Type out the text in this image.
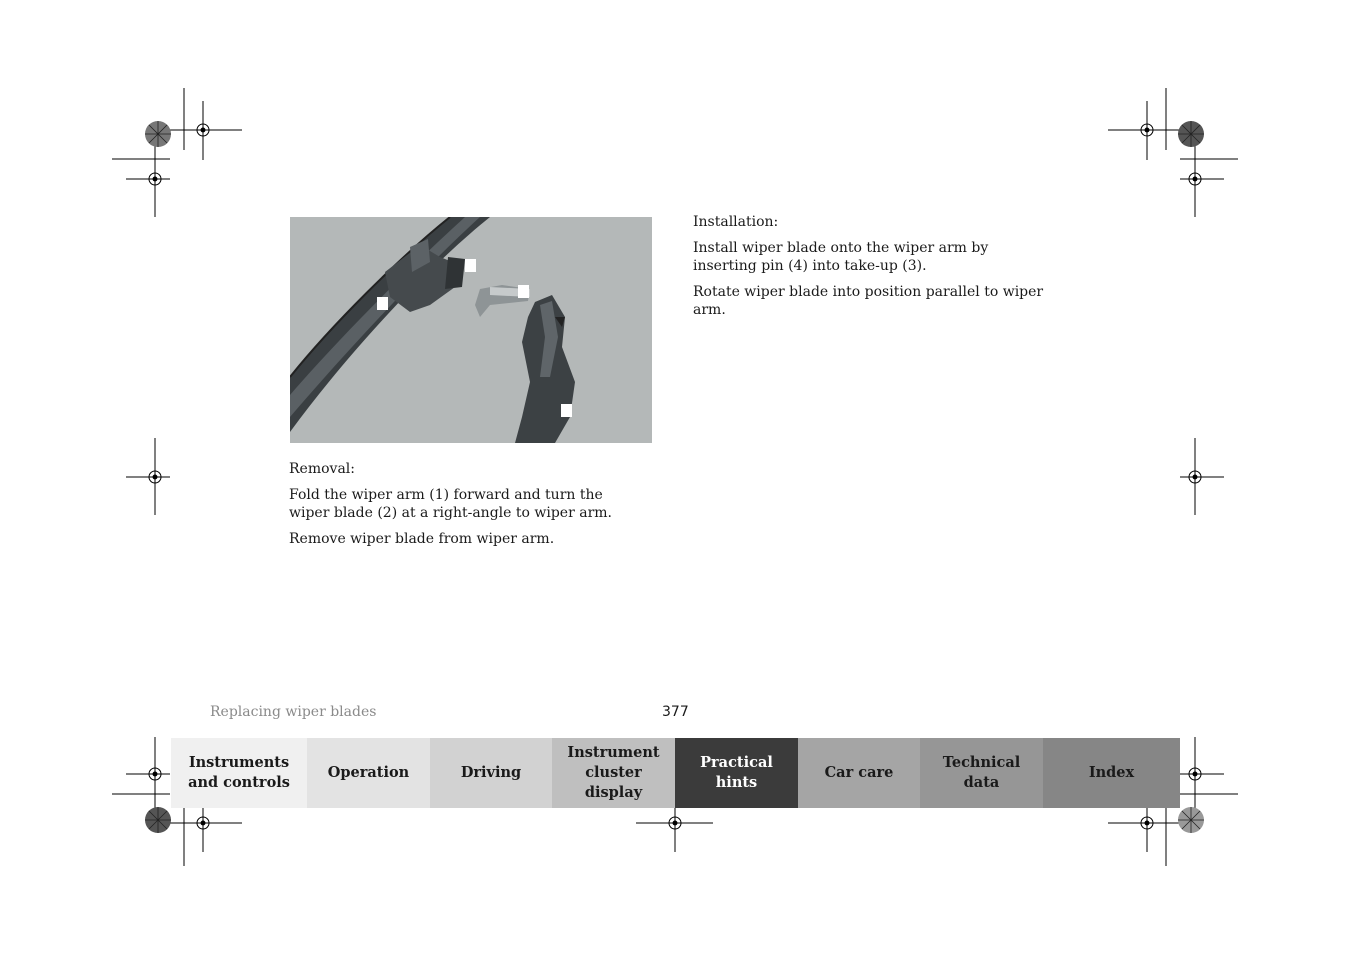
Removal:

Fold the wiper arm (1) forward and turn the wiper blade (2) at a right-angle to wiper arm.

Remove wiper blade from wiper arm.

Installation:

Install wiper blade onto the wiper arm by inserting pin (4) into take-up (3).

Rotate wiper blade into position parallel to wiper arm.

Replacing wiper blades	377
Instruments
and controls
Operation	Driving
Instrument
cluster display
Practical hints
Car care
Technical
data
Index
